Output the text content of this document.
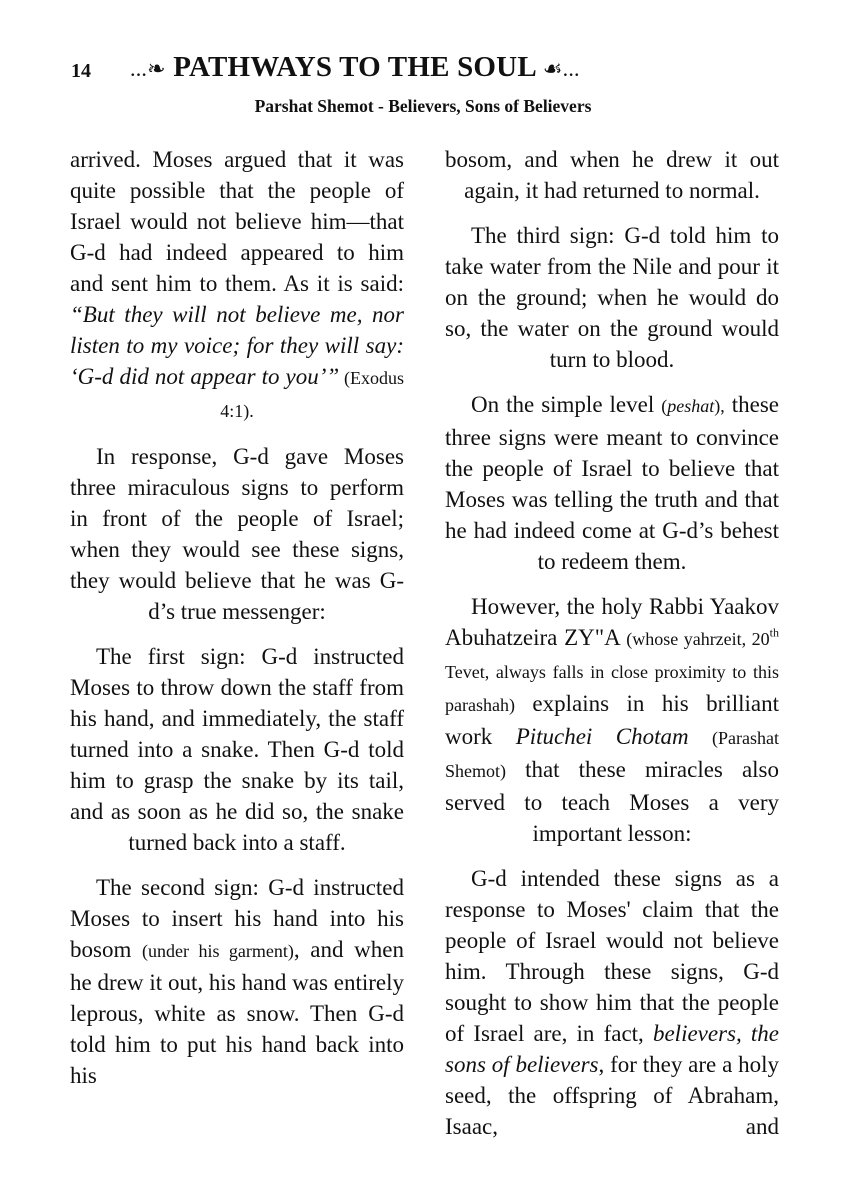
14 ...❧ PATHWAYS TO THE SOUL ☙...
Parshat Shemot - Believers, Sons of Believers

arrived. Moses argued that it was quite possible that the people of Israel would not believe him—that G-d had indeed appeared to him and sent him to them. As it is said: “But they will not believe me, nor listen to my voice; for they will say: ‘G-d did not appear to you’” (Exodus 4:1).

In response, G-d gave Moses three miraculous signs to perform in front of the people of Israel; when they would see these signs, they would believe that he was G-d’s true messenger:

The first sign: G-d instructed Moses to throw down the staff from his hand, and immediately, the staff turned into a snake. Then G-d told him to grasp the snake by its tail, and as soon as he did so, the snake turned back into a staff.

The second sign: G-d instructed Moses to insert his hand into his bosom (under his garment), and when he drew it out, his hand was entirely leprous, white as snow. Then G-d told him to put his hand back into his

bosom, and when he drew it out again, it had returned to normal.

The third sign: G-d told him to take water from the Nile and pour it on the ground; when he would do so, the water on the ground would turn to blood.

On the simple level (peshat), these three signs were meant to convince the people of Israel to believe that Moses was telling the truth and that he had indeed come at G-d’s behest to redeem them.

However, the holy Rabbi Yaakov Abuhatzeira ZY"A (whose yahrzeit, 20th Tevet, always falls in close proximity to this parashah) explains in his brilliant work Pituchei Chotam (Parashat Shemot) that these miracles also served to teach Moses a very important lesson:

G-d intended these signs as a response to Moses' claim that the people of Israel would not believe him. Through these signs, G-d sought to show him that the people of Israel are, in fact, believers, the sons of believers, for they are a holy seed, the offspring of Abraham, Isaac, and
